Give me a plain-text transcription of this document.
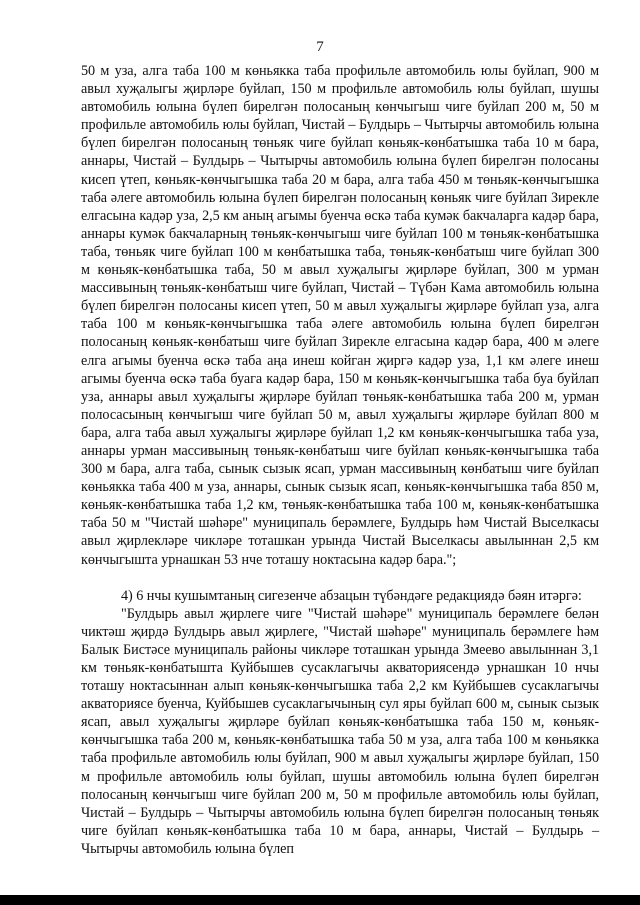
7

50 м уза, алга таба 100 м көньякка таба профильле автомобиль юлы буйлап, 900 м авыл хуҗалыгы җирләре буйлап, 150 м профильле автомобиль юлы буйлап, шушы автомобиль юлына бүлеп бирелгән полосаның көнчыгыш чиге буйлап 200 м, 50 м профильле автомобиль юлы буйлап, Чистай – Булдырь – Чытырчы автомобиль юлына бүлеп бирелгән полосаның төньяк чиге буйлап көньяк-көнбатышка таба 10 м бара, аннары, Чистай – Булдырь – Чытырчы автомобиль юлына бүлеп бирелгән полосаны кисеп үтеп, көньяк-көнчыгышка таба 20 м бара, алга таба 450 м төньяк-көнчыгышка таба әлеге автомобиль юлына бүлеп бирелгән полосаның көньяк чиге буйлап Зирекле елгасына кадәр уза, 2,5 км аның агымы буенча өскә таба кумәк бакчаларга кадәр бара, аннары кумәк бакчаларның төньяк-көнчыгыш чиге буйлап 100 м төньяк-көнбатышка таба, төньяк чиге буйлап 100 м көнбатышка таба, төньяк-көнбатыш чиге буйлап 300 м көньяк-көнбатышка таба, 50 м авыл хуҗалыгы җирләре буйлап, 300 м урман массивының төньяк-көнбатыш чиге буйлап, Чистай – Түбән Кама автомобиль юлына бүлеп бирелгән полосаны кисеп үтеп, 50 м авыл хуҗалыгы җирләре буйлап уза, алга таба 100 м көньяк-көнчыгышка таба әлеге автомобиль юлына бүлеп бирелгән полосаның көньяк-көнбатыш чиге буйлап Зирекле елгасына кадәр бара, 400 м әлеге елга агымы буенча өскә таба аңа инеш койган җиргә кадәр уза, 1,1 км әлеге инеш агымы буенча өскә таба буага кадәр бара, 150 м көньяк-көнчыгышка таба буа буйлап уза, аннары авыл хуҗалыгы җирләре буйлап төньяк-көнбатышка таба 200 м, урман полосасының көнчыгыш чиге буйлап 50 м, авыл хуҗалыгы җирләре буйлап 800 м бара, алга таба авыл хуҗалыгы җирләре буйлап 1,2 км көньяк-көнчыгышка таба уза, аннары урман массивының төньяк-көнбатыш чиге буйлап көньяк-көнчыгышка таба 300 м бара, алга таба, сынык сызык ясап, урман массивының көнбатыш чиге буйлап көньякка таба 400 м уза, аннары, сынык сызык ясап, көньяк-көнчыгышка таба 850 м, көньяк-көнбатышка таба 1,2 км, төньяк-көнбатышка таба 100 м, көньяк-көнбатышка таба 50 м "Чистай шәһәре" муниципаль берәмлеге, Булдырь һәм Чистай Выселкасы авыл җирлекләре чикләре тоташкан урында Чистай Выселкасы авылыннан 2,5 км көнчыгышта урнашкан 53 нче тоташу ноктасына кадәр бара.";

4) 6 нчы кушымтаның сигезенче абзацын түбәндәге редакциядә бәян итәргә:

"Булдырь авыл җирлеге чиге "Чистай шәһәре" муниципаль берәмлеге белән чиктәш җирдә Булдырь авыл җирлеге, "Чистай шәһәре" муниципаль берәмлеге һәм Балык Бистәсе муниципаль районы чикләре тоташкан урында Змеево авылыннан 3,1 км төньяк-көнбатышта Куйбышев сусаклагычы акваториясендә урнашкан 10 нчы тоташу ноктасыннан алып көньяк-көнчыгышка таба 2,2 км Куйбышев сусаклагычы акваториясе буенча, Куйбышев сусаклагычының сул яры буйлап 600 м, сынык сызык ясап, авыл хуҗалыгы җирләре буйлап көньяк-көнбатышка таба 150 м, көньяк-көнчыгышка таба 200 м, көньяк-көнбатышка таба 50 м уза, алга таба 100 м көньякка таба профильле автомобиль юлы буйлап, 900 м авыл хуҗалыгы җирләре буйлап, 150 м профильле автомобиль юлы буйлап, шушы автомобиль юлына бүлеп бирелгән полосаның көнчыгыш чиге буйлап 200 м, 50 м профильле автомобиль юлы буйлап, Чистай – Булдырь – Чытырчы автомобиль юлына бүлеп бирелгән полосаның төньяк чиге буйлап көньяк-көнбатышка таба 10 м бара, аннары, Чистай – Булдырь – Чытырчы автомобиль юлына бүлеп
